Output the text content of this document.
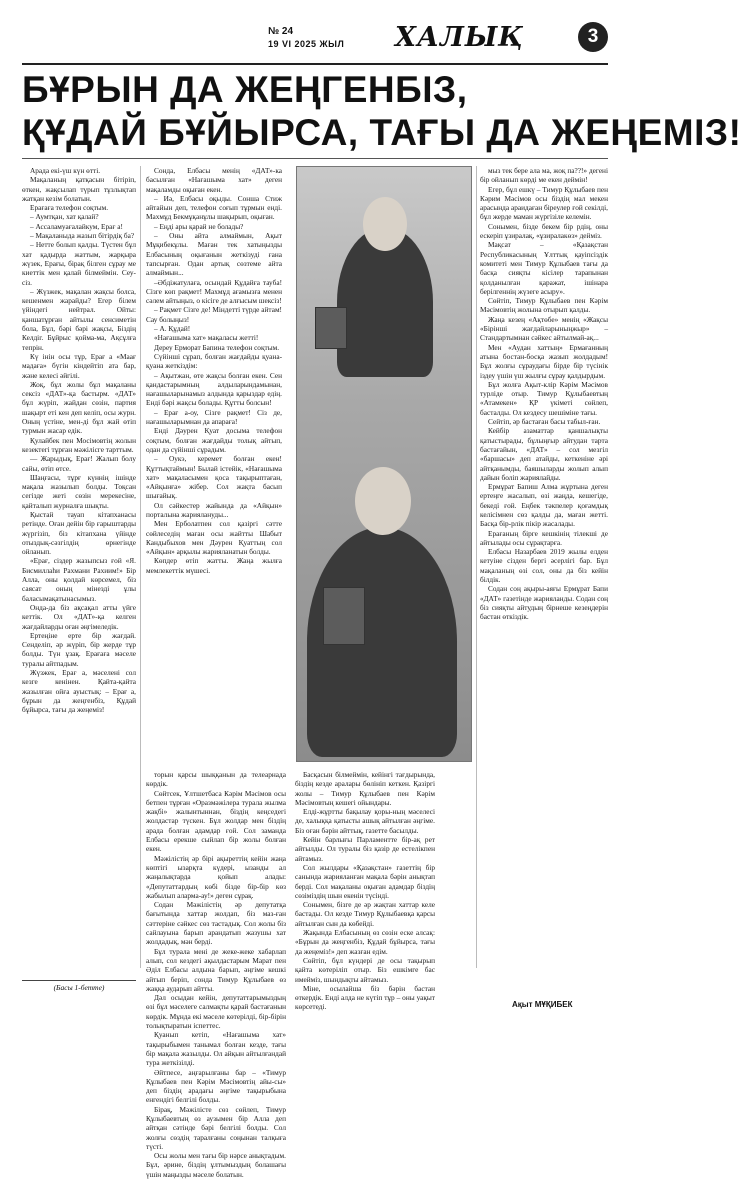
№ 24
19 VI 2025 ЖЫЛ ХАЛЫҚ	3
БҰРЫН ДА ЖЕҢГЕНБІЗ,
ҚҰДАЙ БҰЙЫРСА, ТАҒЫ ДА ЖЕҢЕМІЗ!

Арада екі-үш күн өтті.

Мақаланың қатқасын бітіріп, өткен, жақсылап түрып тұзлықтап жатқан кезім болатын.

Ерағаға телефон соқтым.

– Аумтқан, хат қалай?

– Ассаламуағалайкум, Ерағ а!

– Мақаланыда жазып бітірдіқ ба?

– Нетте болып қалды. Түстен бұл хат қадырда жаттым, жарқыра жүзек, Ерағы, бірақ білген сұрау ме киеттік мен қалай білмеймін. Сеу-сіз.

– Жүзжек, мақалан жақсы болса, кешенмен жарайды? Егер білем үйіндегі нейтрал. Ойты: қаншатұрған айтылы сенсиметін бола, Бұл, бәрі бәрі жақсы, Біздің Келдіг. Бұйрыс қойма-ма, Ақсұлға тепрін.

Кү інін осы тұр, Ерағ а «Маағ мадаға» бүгін кіндейтіп ата бар, және келесі әйгілі.

Жоқ, бұл жолы бұл мақаланы сексіз «ДАТ»-қа бастырм. «ДАТ» бұл жүріп, жайдан сөзін, партия шақырт еті кен деп келіп, осы журн. Оның үстіне, мен-ді бұл жай өтіп турмын жасар едік.

Қулайбек пен Мосімовтің жолын кезектегі тұрған мәжілісге тарттым.

— Жарыдық, Ерағ! Жалып болу сайы, өтіп өтсе.

Шаңғасы, тұрғ күннің ішінде мақала жазылып болды. Тоқсан сегізде жеті сөзін мерекесіне, қайталып журналға шықты.

Қыстай тауап кітапханасы ретінде. Оған дейін бір ғарыштарды жүргізіп, біз кітапхана үйінде отыздық-сәзгілдің өрнегінде ойланып.

«Ерағ, сіздер жазыпсыз ғой «Я. Бисмиллаһи Рахмани Рахиим!» Бір Алла, оны қолдай көрсемел, біз саясат оның мінезді ұлы баласымақатынасымыз.

Онда-да біз ақсақал атты үйге кеттік. Ол «ДАТ»-қа келген жағдайларды оған әңгімеледік.

Ертеңіне ерте бір жағдай. Сенделіп, әр жүріп, бір жерде тұр болды. Түн ұзақ. Ерағаға мәселе туралы айтпадым.

Жүзжек, Ерағ а, мәселені сол кезге кенінен. Қайта-қайта жазылған ойға ауыстық: – Ерағ а, бұрын да жеңгенбіз, Құдай бұйырса, тағы да жеңеміз!

Сонда, Елбасы менің «ДАТ»-ка басылған «Нағашыма хат» деген мақаламды оқыған екен.

– Иә, Елбасы оқыды. Сонша Стиж айтайын деп, телефон соғып тұрмын енді. Махмұд Бекмұқанұлы шақырып, оқыған.

– Еңді ары қарай не болады?

– Оны айта алмаймын, Ақыт Мұқибекұлы. Маған тек хатыңызды Елбасының оқығанын жеткізуді ғана тапсырған. Одан артық сөзтеме айта алмаймын...

–Әбдіжатулаға, осындай Құдайға тауба! Сізге көп рақмет! Махмұд ағамызға менен сәлем айтыңыз, о кісіге де алғысым шексіз!

– Рақмет Сізге де! Міндетті түрде айтам! Сау болыңыз!

– А. Құдай!

«Нағашыма хат» мақаласы жетті!

Дереу Ерморат Бапина телефон соқтым.

Сүйінші сұрап, болған жағдайды қуана-қуана жеткіздім:

– Ақытжан, өте жақсы болған екен. Сен қандастарымның алдыларындамынан, нағашыларынамыз алдында қарыздар едің. Енді бәрі жақсы болады. Құтты болсын!

– Ерағ а-оу, Сізге рақмет! Сіз де, нағашыларымнан да апараға!

Енді Дәурен Қуат досыма телефон соқтым, болған жағдайды толық айтып, одан да сүйінші сұрадым.

– Оукэ, керемет болған екен! Құттықтаймын! Былай істейік, «Нағашыма хат» мақаласымен қоса тақырыптаған, «Айқынға» жібер. Сол жақта басып шығайық.

Ол сәйкестер жайында да «Айқын» порталына жариялануды...

Мен Ерболатпен сол қазіргі сәтте сөйлеседің маған осы жайтты Шабыт Кандыбыхов мен Дәурен Қуаттың сол «Айқын» арқылы жарияланатын болды.

Көпдер өтіп жатты. Жаңа жылға мемлекеттік мүшесі.

мыз тек бере ала ма, жоқ па??!» дегені бір ойланып көрді ме екен деймін!

Егер, бұл ешкү – Тимур Құлыбаев пен Кәрим Мәсімов осы біздің мал мекен арасында араидаған біреулер ғой секілді, бұл жерде маман жүргізіле келемін.

Сонымен, бізде бекем бір рдің, оны ескеріп ұзиралақ, «ұзиралакөз» дейміз.

Мақсат – «Қазақстан Республикасының Ұлттық қауіпсіздік комитеті мен Тимур Құлыбаев тағы да басқа сияқты кісілер тарапынан қолданылған қаражат, ішінара берілгеннің жүзеге асыру».

Сөйтіп, Тимур Құлыбаев пен Кәрім Мәсімовтің жолына отырып қалды.

Жаңа кезең «Ақтөбе» менің «Жақсы «Бірінші жағдайларыныңжыр» – Стандартымнан сәйкес айтылмай-ақ...

Мен «Аудан хаттың» Ермағанның атына бостан-босқа жазып жолдадым! Бұл жолғы сұраудағы бірде бір түсінік іздеу үшін үш жылғы сұрау қалдырдым.

Бұл жолға Ақыт-клір Кәрім Мәсімов турліде отыр. Тимур Құлыбаевтың «Атамекен» ҚР үкіметі сөйлеп, басталды. Ол кездесу шешіміне тағы.

Сейтіп, әр бастаған басы табыл-ған.

Кейбір азаматтар қаншалықты қатыстырады, бұлыңғыр айтудан тарта бастағайын, «ДАТ» – сол мезгіл «баршасы» деп атайды, кеткеніне әрі айтқанымды, баяшыларды жолып алып дайын боліп жариялайды.

Ермұрат Бапиш Алма жұртына деген ертеңге жасалып, өзі жаңда, кешегіде, бекеді ғой. Еңбек тәкпелер қоғамдық келісімнен сөз қалды да, маған жетті. Басқа бір-рлік пікір жасалады.

Ерағаның бірге кешкінің тілекші де айтылады осы сұрақтарға.

Елбасы Назарбаев 2019 жылы елден кетуіне сізден бергі әсерлігі бар. Бұл мақаланың өзі сол, оны да біз кейін білдік.

Содан соң ақыры-аяғы Ермұрат Бапи «ДАТ» газетінде жарияланды. Содан соң біз сияқты айтудың бірнеше кезеңдерін бастан өткіздік.

торын қарсы шыққанын да телеарнада көрдік.

Сөйтсек, Ұлтшетбаса Кәрім Мәсімов осы бетпен тұрған «Оразмәжілера турала жылма жақбі» жалынтыннан, біздің кеңседегі жолдастар түскен. Бұл жолдар мен біздің арада болған адамдар ғой. Сол заманда Елбасы ерекше сыйлап бір жолы болған екен.

Мәжілістің әр бірі ақыреттің кейін жаңа көптігі ызарқта күдері, ызанды ал жаңалықтарда қойып алады: «Депутаттардың көбі бізде бір-бір көз жабылып аларма-ау!» деген сұрақ.

Содан Мәжілістің әр депутатқа бағытында хаттар жолдап, біз маз-ған сәттеріне сәйкес сөз тастадық. Сол жолы біз сайлауына барып арандатып жазушы хат жолдадық, мән берді.

Бұл турала мені де жеке-жеке хабарлап алып, сол кездегі ақылдастарым Марат пен Әділ Елбасы алдына барып, әңгіме кешкі айтып беріп, сонда Тимур Құлыбаев өз жаққа аударып айтты.

Дәл осыдан кейін, депутаттарымыздың өзі бұл мәселеге салмақты қарай бастағанын көрдік. Мұнда екі мәселе көтерілді, бір-бірін толықтыратын іспеттес.

Қуанып кетіп, «Нағашыма хат» тақырыбымен танымал болған кезде, тағы бір мақала жазылды. Ол айқын айтылғандай тура жеткізілді.

Әйтпесе, аңғарылғаны бар – «Тимур Құлыбаев пен Кәрім Мәсімовтің айы-сы» деп біздің арадағы әңгіме тақырыбына енгендігі белгілі болды.

Бірақ, Мәжілісте сөз сөйлеп, Тимур Құлыбаевтың өз аузымен бір Алла деп айтқан сәтінде бәрі белгілі болды. Сол жолғы сөздің таралғаны соңынан талқыға түсті.

Осы жолы мен тағы бір нәрсе анықтадым. Бұл, әрине, біздің ұлтымыздың болашағы үшін маңызды мәселе болатын.

Басқасын білмеймін, кейінгі тағдырында, біздің кезде аралары бөлініп кеткен. Қазіргі жолы – Тимур Құлыбаев пен Кәрім Мәсімовтың кешегі ойындары.

Елді-жұртты бақылау қоры-ның мәселесі де, халыққа қатысты ашық айтылған әңгіме. Біз оған бәрін айттық, газетте басылды.

Кейін барлығы Парламентте бір-ақ рет айтылды. Ол туралы біз қазір де естелікпен айтамыз.

Сол жылдары «Қазақстан» газеттің бір санында жарияланған мақала бәрін анықтап берді. Сол мақаланы оқыған адамдар біздің сөзіміздің шын екенін түсінді.

Сонымен, бізге де әр жақтан хаттар келе бастады. Ол кезде Тимур Құлыбаевқа қарсы айтылған сын да көбейді.

Жақында Елбасының өз сөзін еске алсақ: «Бұрын да жеңгенбіз, Құдай бұйырса, тағы да жеңеміз!» деп жазған едім.

Сөйтіп, бұл күндері де осы тақырып қайта көтеріліп отыр. Біз ешкімге бас имейміз, шындықты айтамыз.

Міне, осылайша біз бәрін бастан өткердік. Енді алда не күтіп тұр – оны уақыт көрсетеді.

(Басы 1-бетте)
Ақыт МҰҚИБЕК
